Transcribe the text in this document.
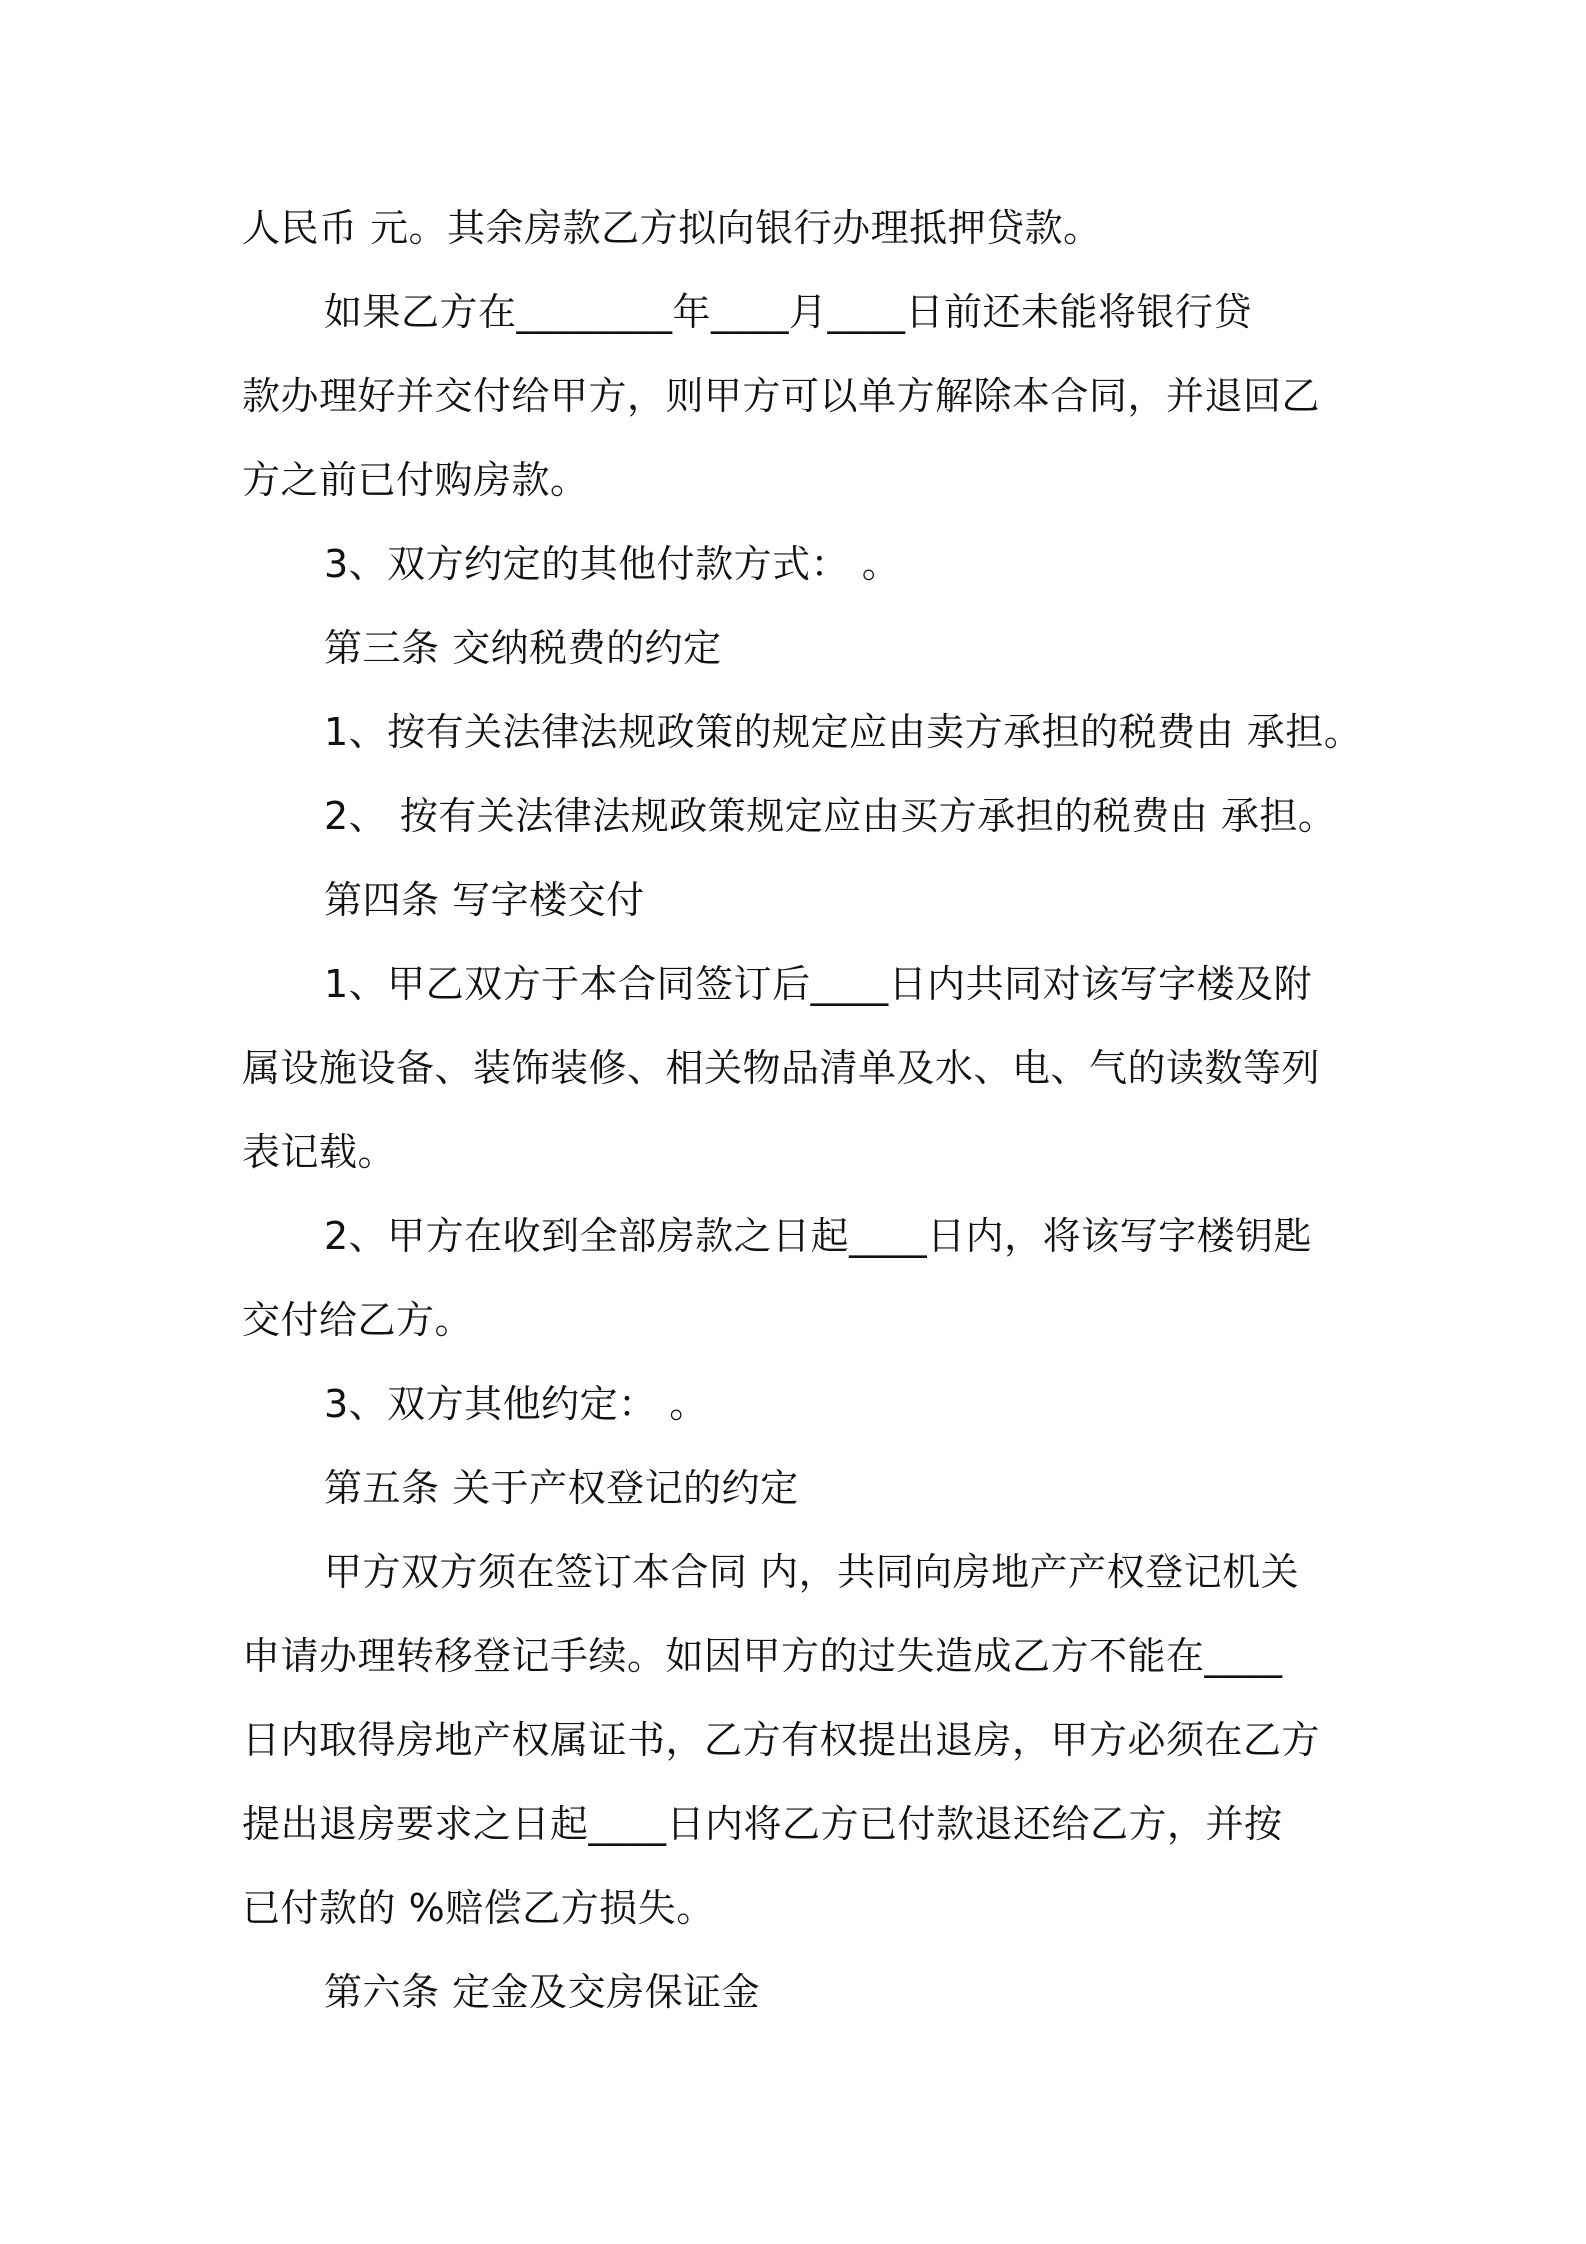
人民币 元。其余房款乙方拟向银行办理抵押贷款。
如果乙方在________年____月____日前还未能将银行贷
款办理好并交付给甲方，则甲方可以单方解除本合同，并退回乙
方之前已付购房款。
3、双方约定的其他付款方式： 。
第三条 交纳税费的约定
1、按有关法律法规政策的规定应由卖方承担的税费由 承担。
2、 按有关法律法规政策规定应由买方承担的税费由 承担。
第四条 写字楼交付
1、甲乙双方于本合同签订后____日内共同对该写字楼及附
属设施设备、装饰装修、相关物品清单及水、电、气的读数等列
表记载。
2、甲方在收到全部房款之日起____日内，将该写字楼钥匙
交付给乙方。
3、双方其他约定： 。
第五条 关于产权登记的约定
甲方双方须在签订本合同 内，共同向房地产产权登记机关
申请办理转移登记手续。如因甲方的过失造成乙方不能在____
日内取得房地产权属证书，乙方有权提出退房，甲方必须在乙方
提出退房要求之日起____日内将乙方已付款退还给乙方，并按
已付款的 %赔偿乙方损失。
第六条 定金及交房保证金
